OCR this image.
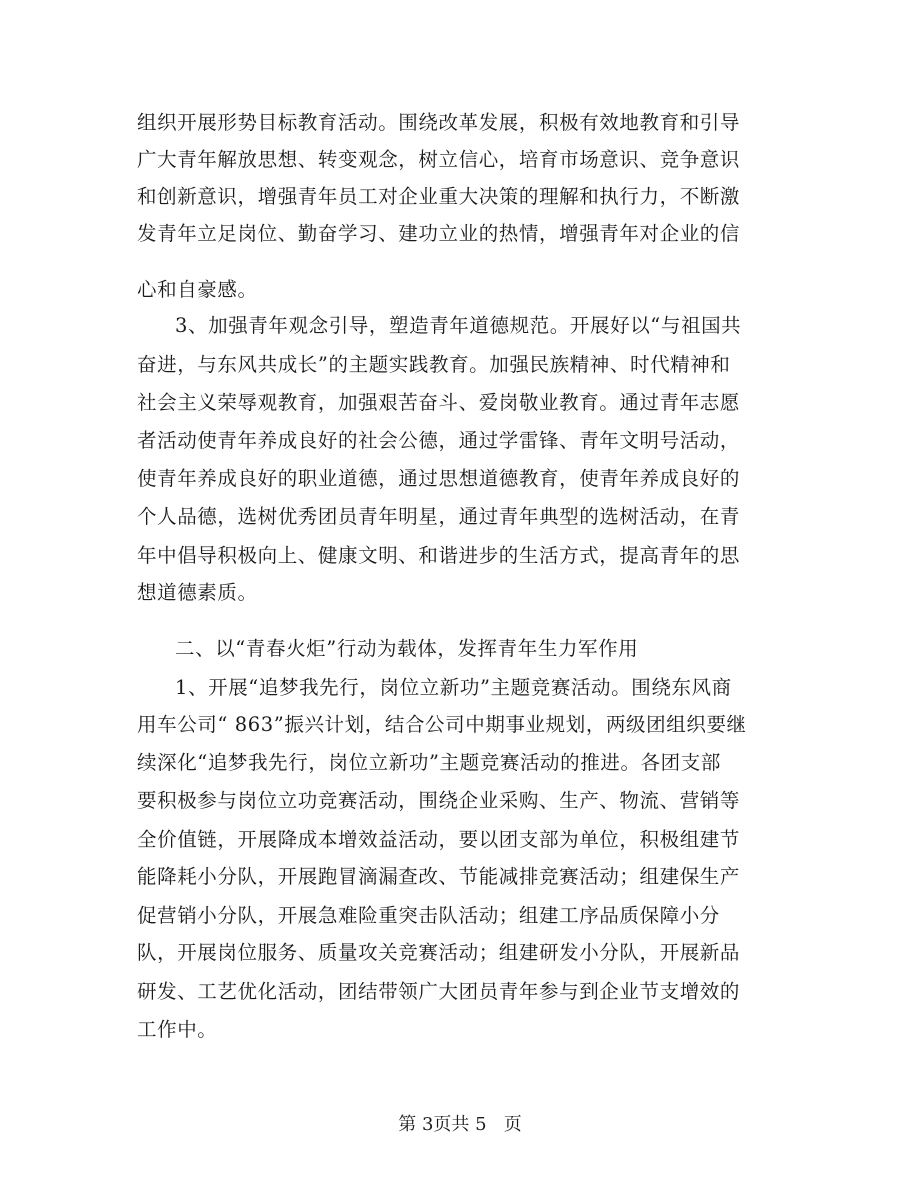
组织开展形势目标教育活动。围绕改革发展，积极有效地教育和引导
广大青年解放思想、转变观念，树立信心，培育市场意识、竞争意识
和创新意识，增强青年员工对企业重大决策的理解和执行力，不断激
发青年立足岗位、勤奋学习、建功立业的热情，增强青年对企业的信
心和自豪感。
3、加强青年观念引导，塑造青年道德规范。开展好以“与祖国共
奋进，与东风共成长”的主题实践教育。加强民族精神、时代精神和
社会主义荣辱观教育，加强艰苦奋斗、爱岗敬业教育。通过青年志愿
者活动使青年养成良好的社会公德，通过学雷锋、青年文明号活动，
使青年养成良好的职业道德，通过思想道德教育，使青年养成良好的
个人品德，选树优秀团员青年明星，通过青年典型的选树活动，在青
年中倡导积极向上、健康文明、和谐进步的生活方式，提高青年的思
想道德素质。
二、以“青春火炬”行动为载体，发挥青年生力军作用
1、开展“追梦我先行，岗位立新功”主题竞赛活动。围绕东风商
用车公司“ 863”振兴计划，结合公司中期事业规划，两级团组织要继
续深化“追梦我先行，岗位立新功”主题竞赛活动的推进。各团支部
要积极参与岗位立功竞赛活动，围绕企业采购、生产、物流、营销等
全价值链，开展降成本增效益活动，要以团支部为单位，积极组建节
能降耗小分队，开展跑冒滴漏查改、节能减排竞赛活动；组建保生产
促营销小分队，开展急难险重突击队活动；组建工序品质保障小分
队，开展岗位服务、质量攻关竞赛活动；组建研发小分队，开展新品
研发、工艺优化活动，团结带领广大团员青年参与到企业节支增效的
工作中。
第 3页共 5   页
